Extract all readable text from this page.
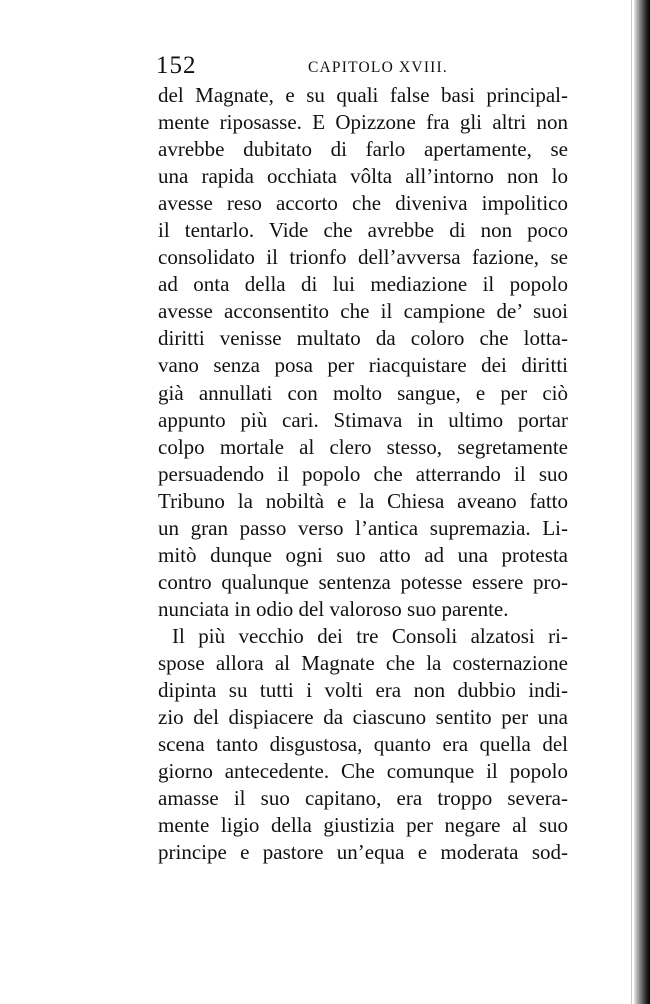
152	CAPITOLO XVIII.
del Magnate, e su quali false basi principal-
mente riposasse. E Opizzone fra gli altri non
avrebbe dubitato di farlo apertamente, se
una rapida occhiata vôlta all’intorno non lo
avesse reso accorto che diveniva impolitico
il tentarlo. Vide che avrebbe di non poco
consolidato il trionfo dell’avversa fazione, se
ad onta della di lui mediazione il popolo
avesse acconsentito che il campione de’ suoi
diritti venisse multato da coloro che lotta-
vano senza posa per riacquistare dei diritti
già annullati con molto sangue, e per ciò
appunto più cari. Stimava in ultimo portar
colpo mortale al clero stesso, segretamente
persuadendo il popolo che atterrando il suo
Tribuno la nobiltà e la Chiesa aveano fatto
un gran passo verso l’antica supremazia. Li-
mitò dunque ogni suo atto ad una protesta
contro qualunque sentenza potesse essere pro-
nunciata in odio del valoroso suo parente.
Il più vecchio dei tre Consoli alzatosi ri-
spose allora al Magnate che la costernazione
dipinta su tutti i volti era non dubbio indi-
zio del dispiacere da ciascuno sentito per una
scena tanto disgustosa, quanto era quella del
giorno antecedente. Che comunque il popolo
amasse il suo capitano, era troppo severa-
mente ligio della giustizia per negare al suo
principe e pastore un’equa e moderata sod-
